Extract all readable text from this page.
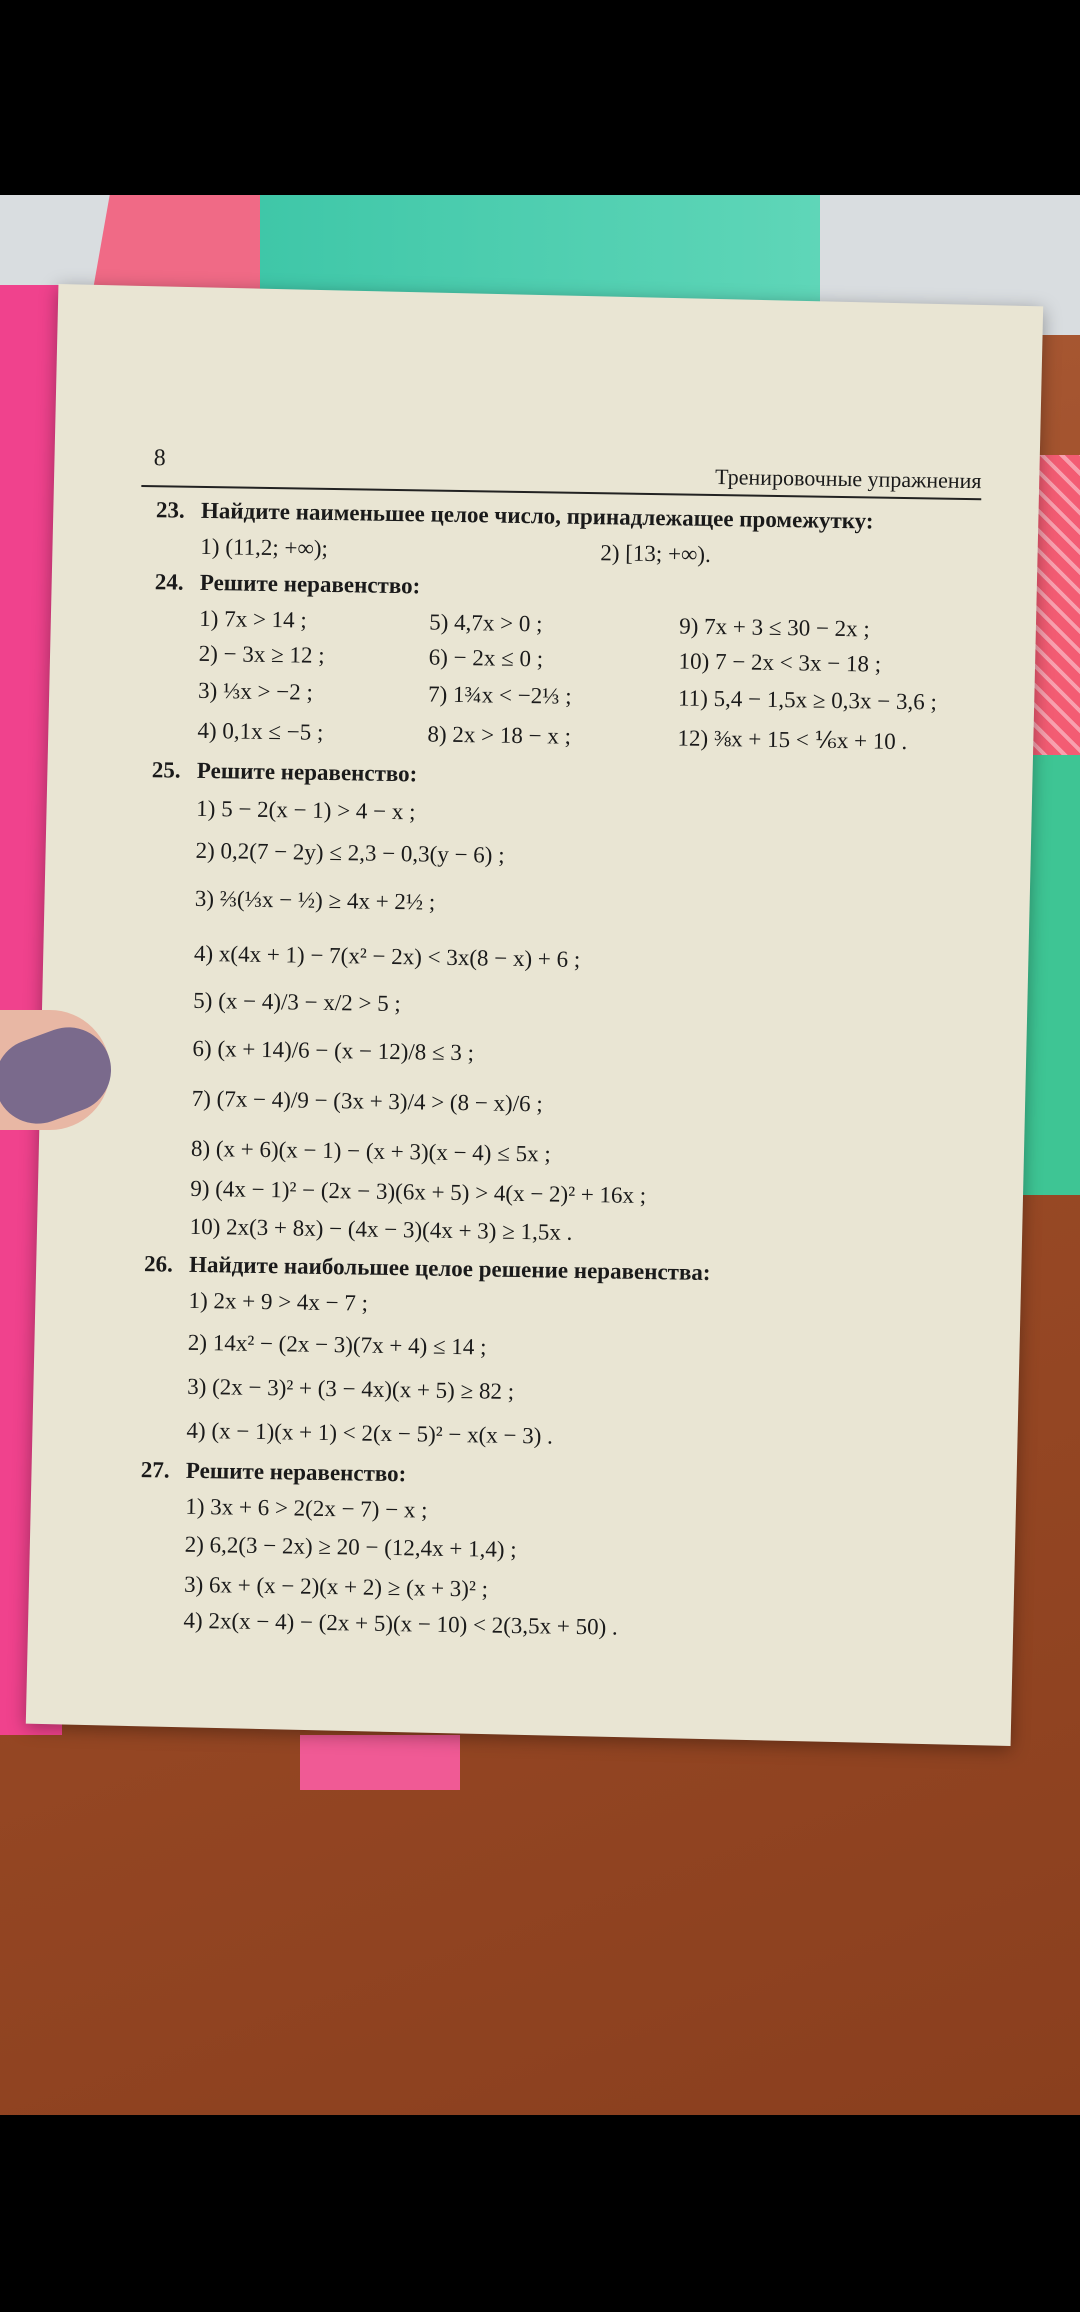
8
Тренировочные упражнения
23. Найдите наименьшее целое число, принадлежащее промежутку:
1) (11,2; +∞);	2) [13; +∞).
24. Решите неравенство:
1) 7x > 14 ;
2) − 3x ≥ 12 ;
3) ⅓x > −2 ;
4) 0,1x ≤ −5 ;
5) 4,7x > 0 ;
6) − 2x ≤ 0 ;
7) 1¾x < −2⅓ ;
8) 2x > 18 − x ;
9) 7x + 3 ≤ 30 − 2x ;
10) 7 − 2x < 3x − 18 ;
11) 5,4 − 1,5x ≥ 0,3x − 3,6 ;
12) ⅜x + 15 < ⅙x + 10 .
25. Решите неравенство:
1) 5 − 2(x − 1) > 4 − x ;
2) 0,2(7 − 2y) ≤ 2,3 − 0,3(y − 6) ;
3) ⅔(⅓x − ½) ≥ 4x + 2½ ;
4) x(4x + 1) − 7(x² − 2x) < 3x(8 − x) + 6 ;
5) (x − 4)/3 − x/2 > 5 ;
6) (x + 14)/6 − (x − 12)/8 ≤ 3 ;
7) (7x − 4)/9 − (3x + 3)/4 > (8 − x)/6 ;
8) (x + 6)(x − 1) − (x + 3)(x − 4) ≤ 5x ;
9) (4x − 1)² − (2x − 3)(6x + 5) > 4(x − 2)² + 16x ;
10) 2x(3 + 8x) − (4x − 3)(4x + 3) ≥ 1,5x .
26. Найдите наибольшее целое решение неравенства:
1) 2x + 9 > 4x − 7 ;
2) 14x² − (2x − 3)(7x + 4) ≤ 14 ;
3) (2x − 3)² + (3 − 4x)(x + 5) ≥ 82 ;
4) (x − 1)(x + 1) < 2(x − 5)² − x(x − 3) .
27. Решите неравенство:
1) 3x + 6 > 2(2x − 7) − x ;
2) 6,2(3 − 2x) ≥ 20 − (12,4x + 1,4) ;
3) 6x + (x − 2)(x + 2) ≥ (x + 3)² ;
4) 2x(x − 4) − (2x + 5)(x − 10) < 2(3,5x + 50) .
